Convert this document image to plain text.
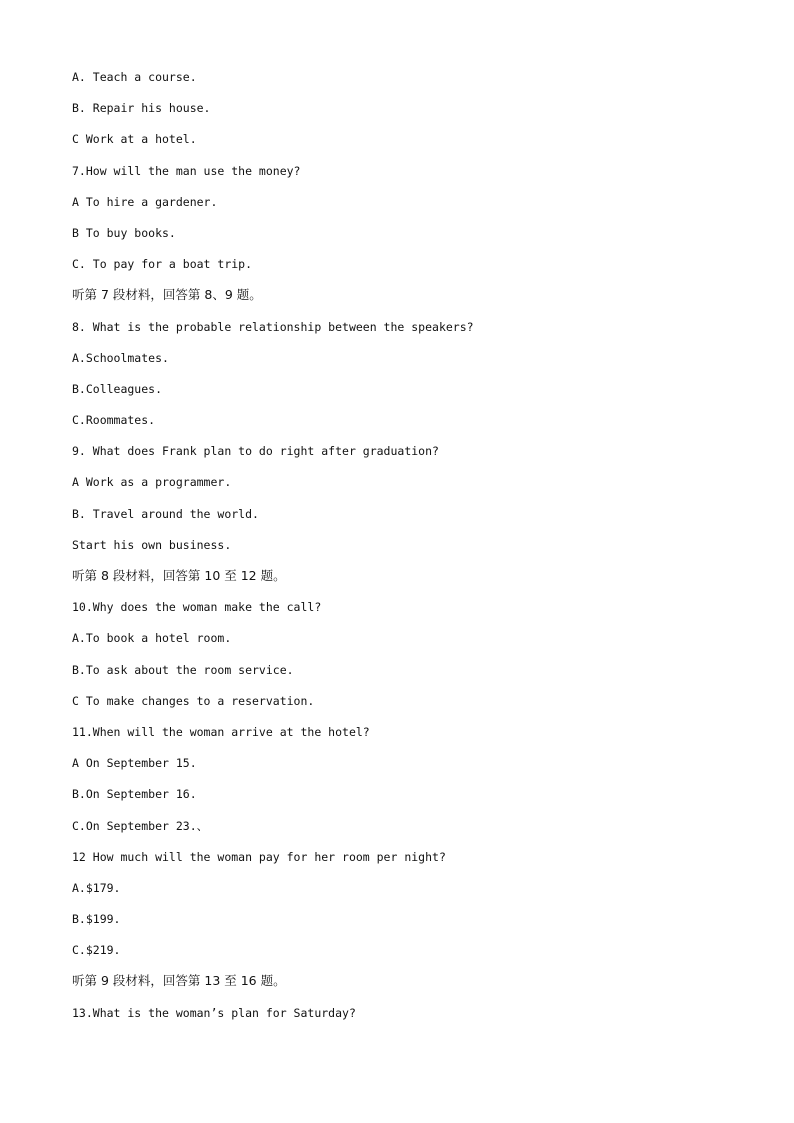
A. Teach a course.
B. Repair his house.
C Work at a hotel.
7.How will the man use the money?
A To hire a gardener.
B To buy books.
C. To pay for a boat trip.
听第 7 段材料，回答第 8、9 题。
8. What is the probable relationship between the speakers?
A.Schoolmates.
B.Colleagues.
C.Roommates.
9. What does Frank plan to do right after graduation?
A Work as a programmer.
B. Travel around the world.
Start his own business.
听第 8 段材料，回答第 10 至 12 题。
10.Why does the woman make the call?
A.To book a hotel room.
B.To ask about the room service.
C To make changes to a reservation.
11.When will the woman arrive at the hotel?
A On September 15.
B.On September 16.
C.On September 23.、
12 How much will the woman pay for her room per night?
A.$179.
B.$199.
C.$219.
听第 9 段材料，回答第 13 至 16 题。
13.What is the woman’s plan for Saturday?
